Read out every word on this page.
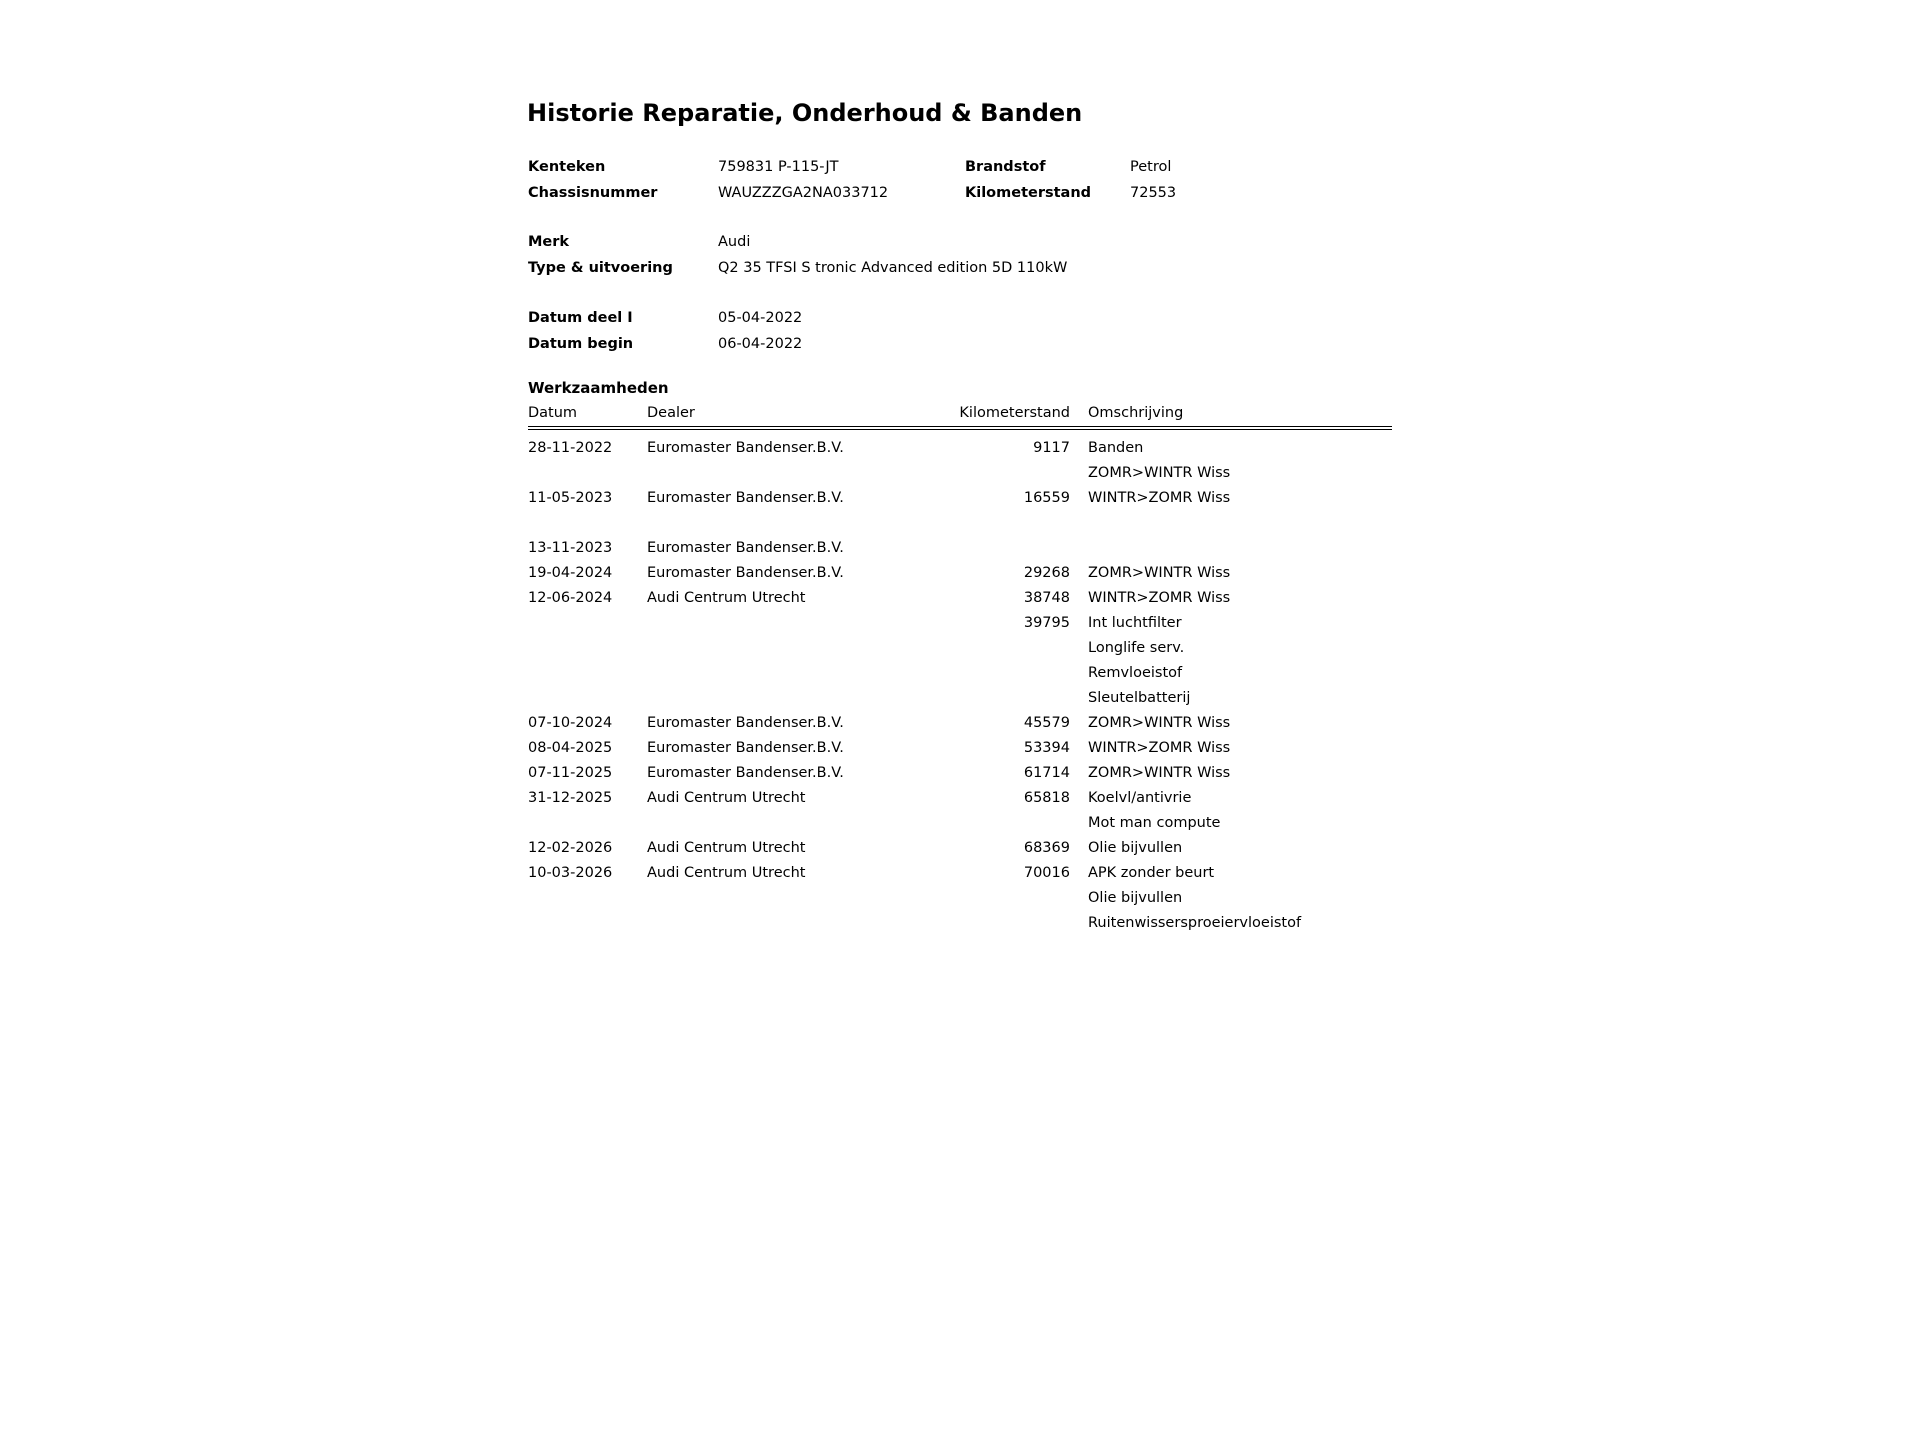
Historie Reparatie, Onderhoud & Banden
Kenteken	759831 P-115-JT	Brandstof	Petrol
Chassisnummer	WAUZZZGA2NA033712	Kilometerstand	72553
Merk	Audi
Type & uitvoering	Q2 35 TFSI S tronic Advanced edition 5D 110kW
Datum deel I	05-04-2022
Datum begin	06-04-2022
Werkzaamheden
Datum	Dealer	Kilometerstand	Omschrijving
28-11-2022	Euromaster Bandenser.B.V.	9117	Banden
			ZOMR>WINTR Wiss
11-05-2023	Euromaster Bandenser.B.V.	16559	WINTR>ZOMR Wiss

13-11-2023	Euromaster Bandenser.B.V.		
19-04-2024	Euromaster Bandenser.B.V.	29268	ZOMR>WINTR Wiss
12-06-2024	Audi Centrum Utrecht	38748	WINTR>ZOMR Wiss
		39795	Int luchtfilter
			Longlife serv.
			Remvloeistof
			Sleutelbatterij
07-10-2024	Euromaster Bandenser.B.V.	45579	ZOMR>WINTR Wiss
08-04-2025	Euromaster Bandenser.B.V.	53394	WINTR>ZOMR Wiss
07-11-2025	Euromaster Bandenser.B.V.	61714	ZOMR>WINTR Wiss
31-12-2025	Audi Centrum Utrecht	65818	Koelvl/antivrie
			Mot man compute
12-02-2026	Audi Centrum Utrecht	68369	Olie bijvullen
10-03-2026	Audi Centrum Utrecht	70016	APK zonder beurt
			Olie bijvullen
			Ruitenwissersproeiervloeistof
